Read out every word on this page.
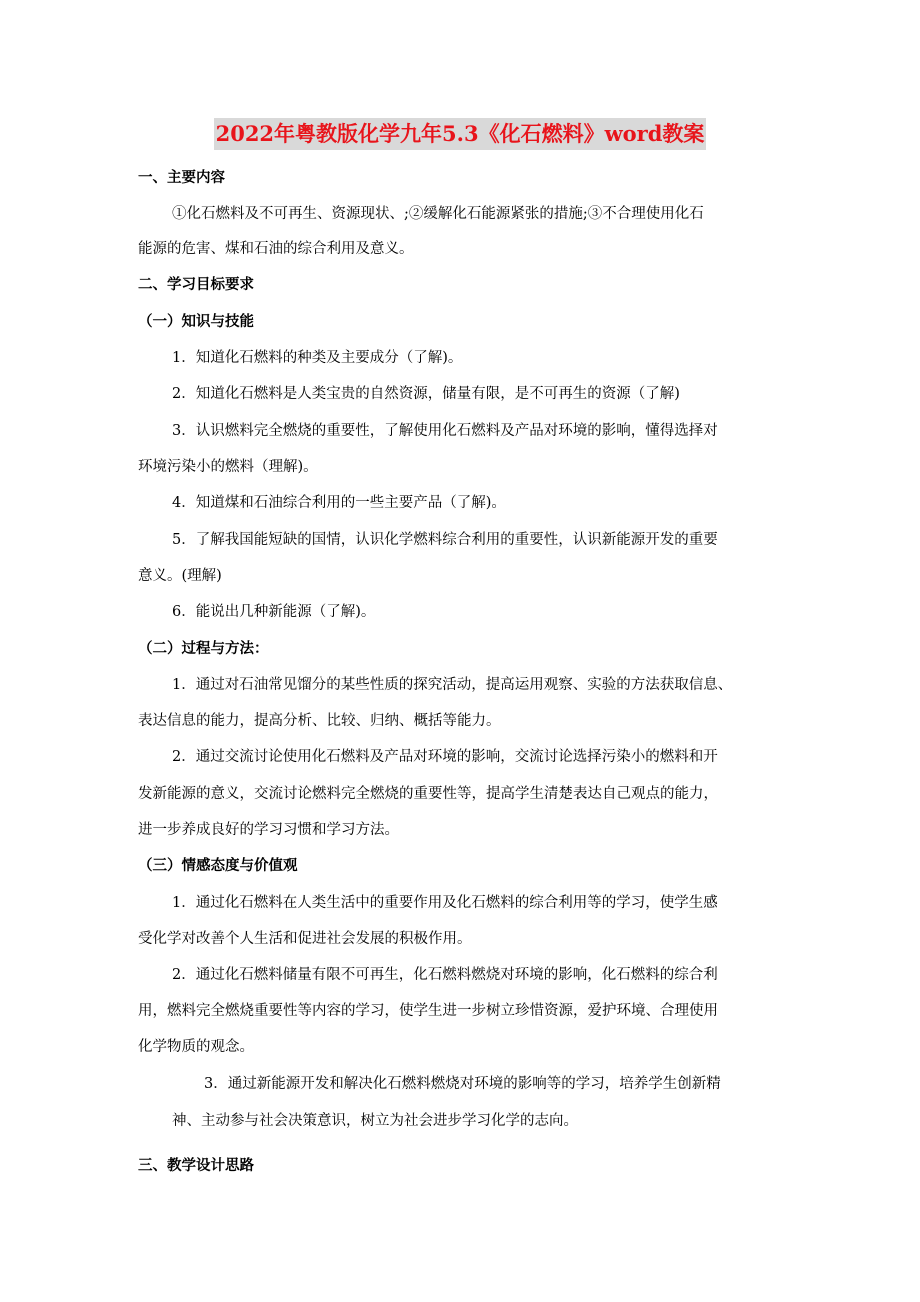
2022年粤教版化学九年5.3《化石燃料》word教案
一、主要内容
①化石燃料及不可再生、资源现状、;②缓解化石能源紧张的措施;③不合理使用化石
能源的危害、煤和石油的综合利用及意义。
二、学习目标要求
（一）知识与技能
1．知道化石燃料的种类及主要成分（了解)。
2．知道化石燃料是人类宝贵的自然资源，储量有限，是不可再生的资源（了解)
3．认识燃料完全燃烧的重要性，了解使用化石燃料及产品对环境的影响，懂得选择对
环境污染小的燃料（理解)。
4．知道煤和石油综合利用的一些主要产品（了解)。
5．了解我国能短缺的国情，认识化学燃料综合利用的重要性，认识新能源开发的重要
意义。(理解)
6．能说出几种新能源（了解)。
（二）过程与方法：
1．通过对石油常见馏分的某些性质的探究活动，提高运用观察、实验的方法获取信息、
表达信息的能力，提高分析、比较、归纳、概括等能力。
2．通过交流讨论使用化石燃料及产品对环境的影响，交流讨论选择污染小的燃料和开
发新能源的意义，交流讨论燃料完全燃烧的重要性等，提高学生清楚表达自己观点的能力，
进一步养成良好的学习习惯和学习方法。
（三）情感态度与价值观
1．通过化石燃料在人类生活中的重要作用及化石燃料的综合利用等的学习，使学生感
受化学对改善个人生活和促进社会发展的积极作用。
2．通过化石燃料储量有限不可再生，化石燃料燃烧对环境的影响，化石燃料的综合利
用，燃料完全燃烧重要性等内容的学习，使学生进一步树立珍惜资源，爱护环境、合理使用
化学物质的观念。
3．通过新能源开发和解决化石燃料燃烧对环境的影响等的学习，培养学生创新精
神、主动参与社会决策意识，树立为社会进步学习化学的志向。
三、教学设计思路
